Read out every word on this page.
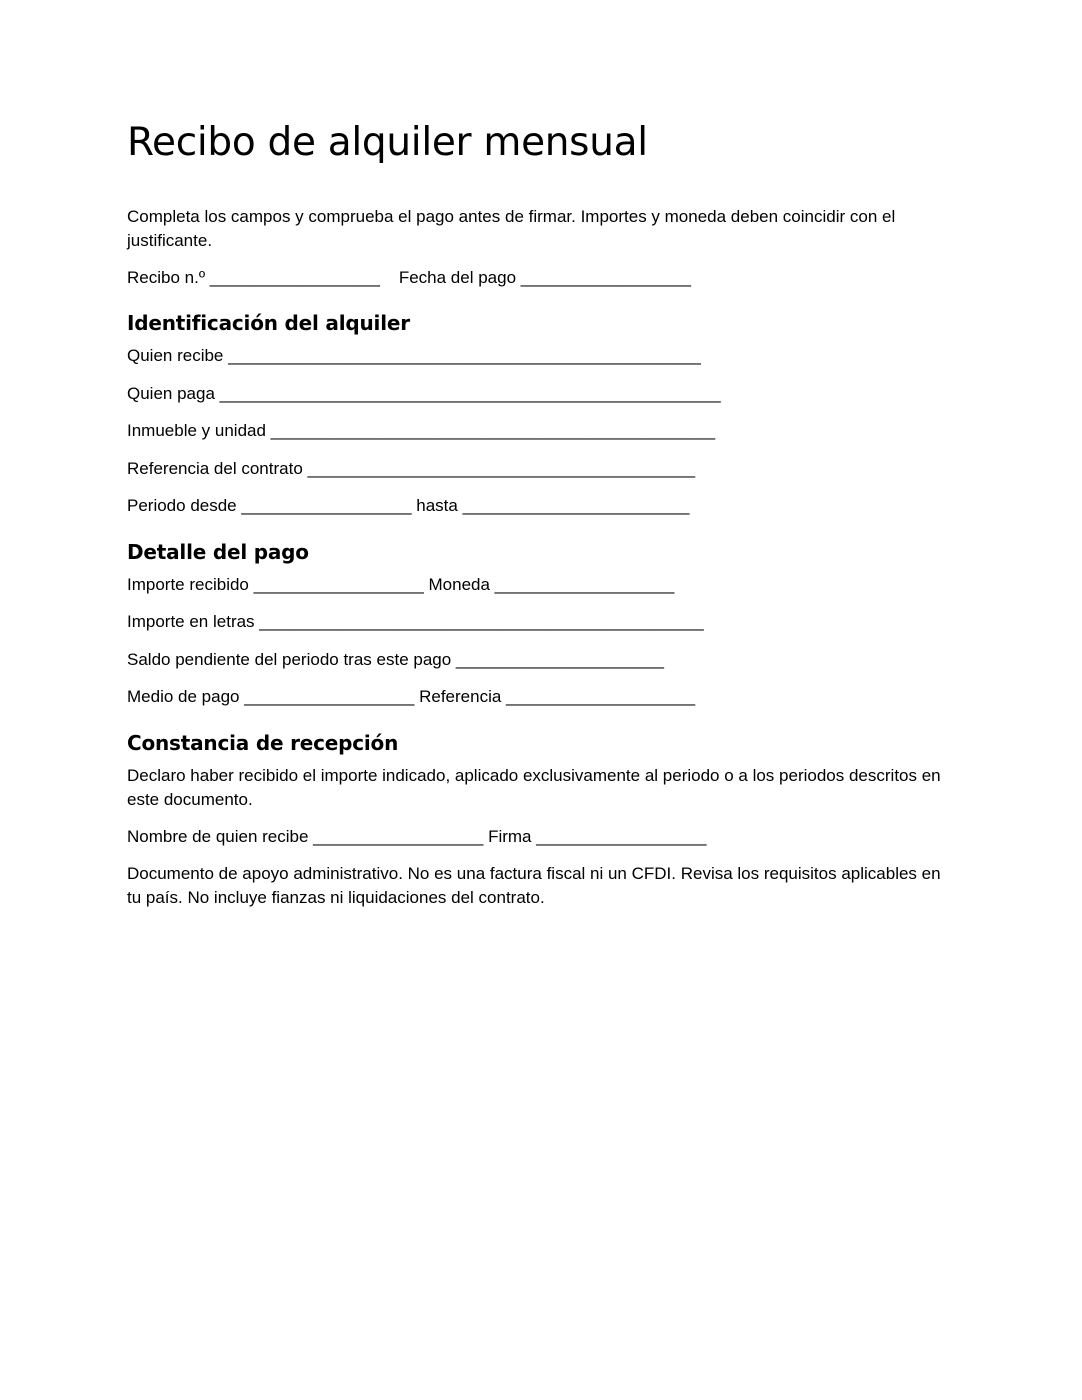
Recibo de alquiler mensual

Completa los campos y comprueba el pago antes de firmar. Importes y moneda deben coincidir con el justificante.

Recibo n.º __________________    Fecha del pago __________________

Identificación del alquiler

Quien recibe __________________________________________________

Quien paga _____________________________________________________

Inmueble y unidad _______________________________________________

Referencia del contrato _________________________________________

Periodo desde __________________ hasta ________________________

Detalle del pago

Importe recibido __________________ Moneda ___________________

Importe en letras _______________________________________________

Saldo pendiente del periodo tras este pago ______________________

Medio de pago __________________ Referencia ____________________

Constancia de recepción

Declaro haber recibido el importe indicado, aplicado exclusivamente al periodo o a los periodos descritos en este documento.

Nombre de quien recibe __________________ Firma __________________

Documento de apoyo administrativo. No es una factura fiscal ni un CFDI. Revisa los requisitos aplicables en tu país. No incluye fianzas ni liquidaciones del contrato.
